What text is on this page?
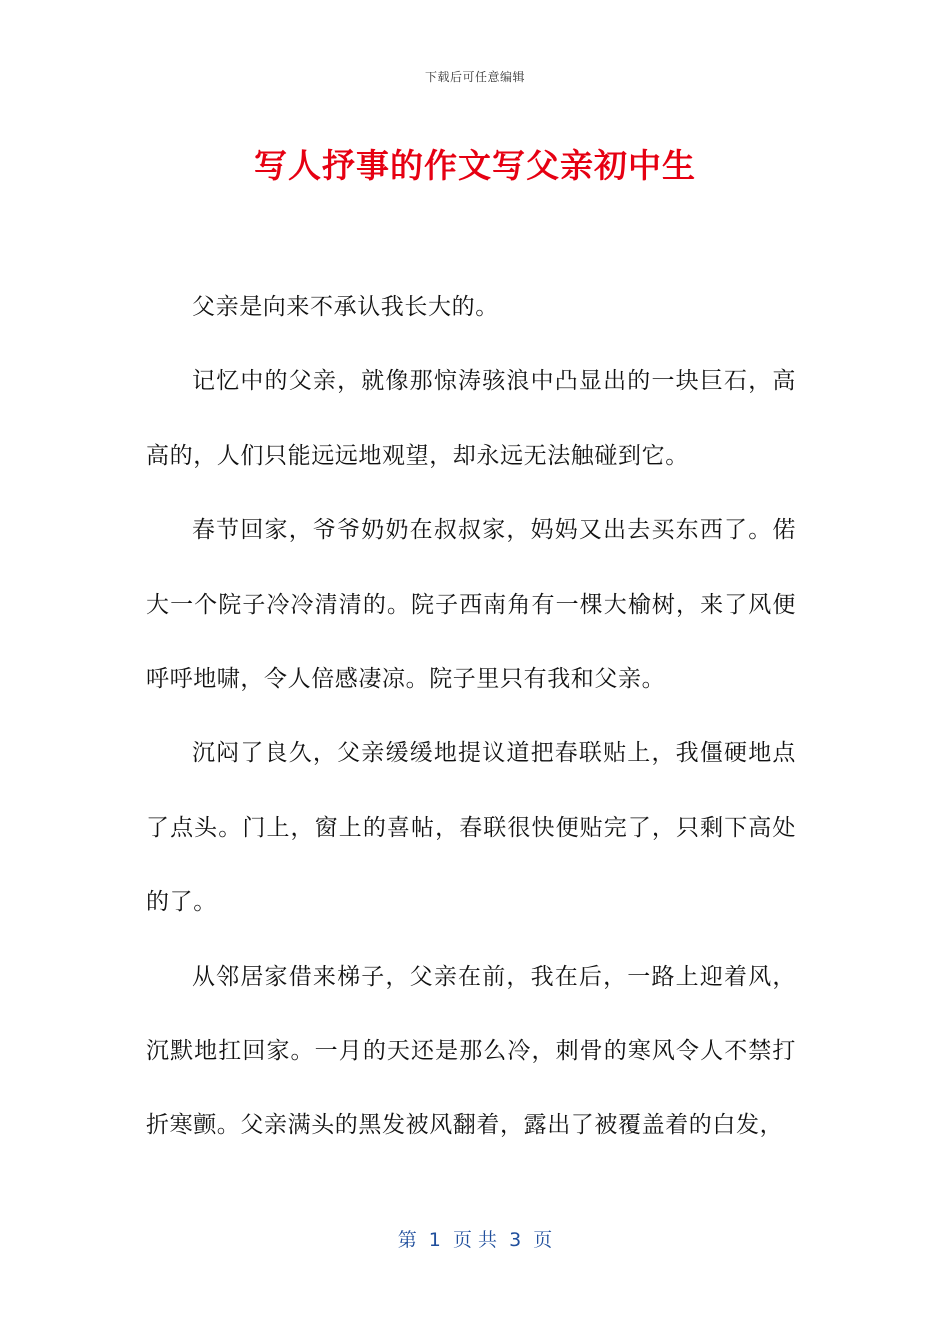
下载后可任意编辑
写人抒事的作文写父亲初中生

父亲是向来不承认我长大的。

记忆中的父亲，就像那惊涛骇浪中凸显出的一块巨石，高高的，人们只能远远地观望，却永远无法触碰到它。

春节回家，爷爷奶奶在叔叔家，妈妈又出去买东西了。偌大一个院子冷冷清清的。院子西南角有一棵大榆树，来了风便呼呼地啸，令人倍感凄凉。院子里只有我和父亲。

沉闷了良久，父亲缓缓地提议道把春联贴上，我僵硬地点了点头。门上，窗上的喜帖，春联很快便贴完了，只剩下高处的了。

从邻居家借来梯子，父亲在前，我在后，一路上迎着风，沉默地扛回家。一月的天还是那么冷，刺骨的寒风令人不禁打折寒颤。父亲满头的黑发被风翻着，露出了被覆盖着的白发，

第  1  页 共  3  页
